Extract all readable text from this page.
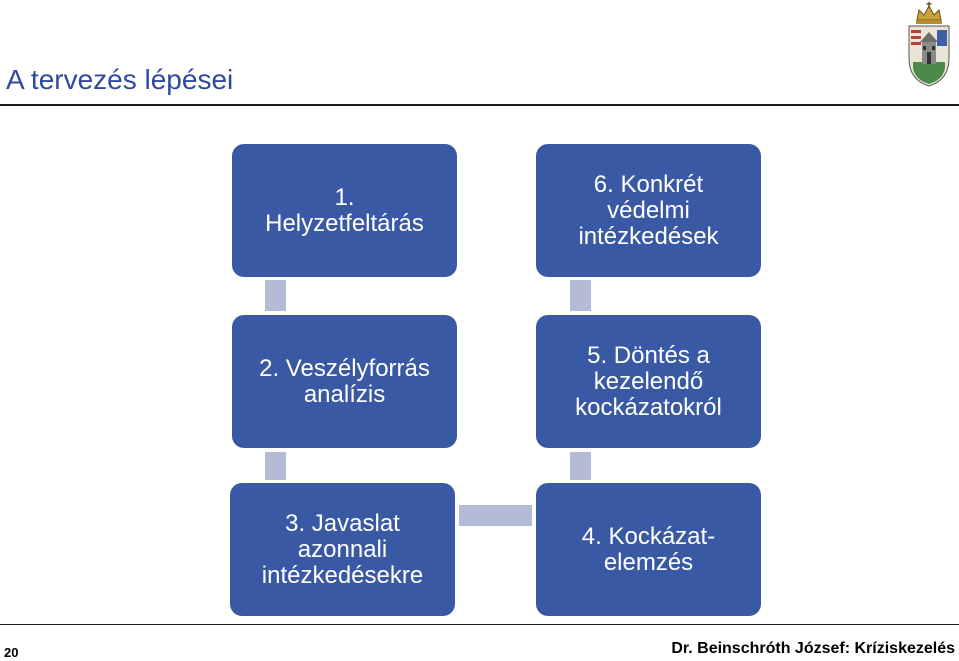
A tervezés lépései
1.
Helyzetfeltárás
2. Veszélyforrás
analízis
3. Javaslat
azonnali
intézkedésekre
4. Kockázat-
elemzés
5. Döntés a
kezelendő
kockázatokról
6. Konkrét
védelmi
intézkedések
20	Dr. Beinschróth József: Kríziskezelés
